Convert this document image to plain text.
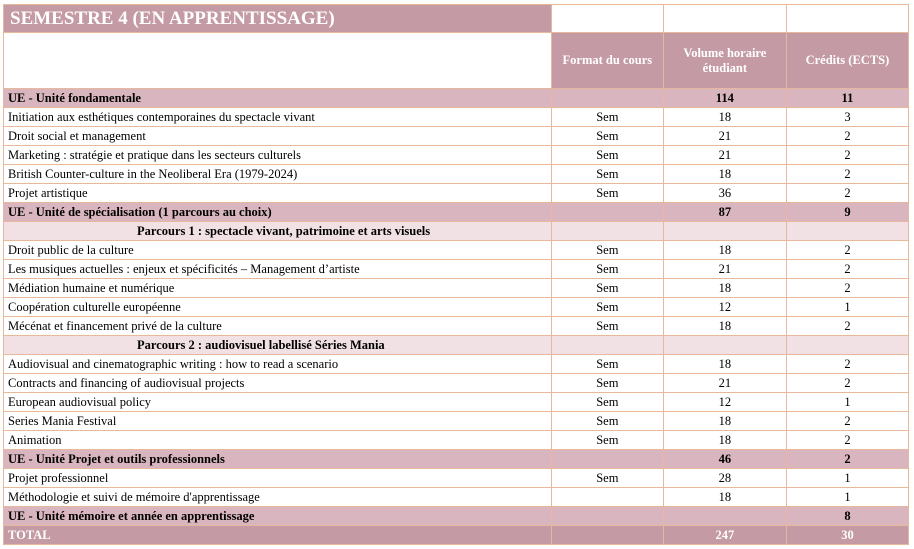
SEMESTRE 4 (EN APPRENTISSAGE)			
	Format du cours	Volume horaire étudiant	Crédits (ECTS)
UE - Unité fondamentale		114	11
Initiation aux esthétiques contemporaines du spectacle vivant	Sem	18	3
Droit social et management	Sem	21	2
Marketing : stratégie et pratique dans les secteurs culturels	Sem	21	2
British Counter-culture in the Neoliberal Era (1979-2024)	Sem	18	2
Projet artistique	Sem	36	2
UE - Unité de spécialisation (1 parcours au choix)		87	9
Parcours 1 : spectacle vivant, patrimoine et arts visuels			
Droit public de la culture	Sem	18	2
Les musiques actuelles : enjeux et spécificités – Management d’artiste	Sem	21	2
Médiation humaine et numérique	Sem	18	2
Coopération culturelle européenne	Sem	12	1
Mécénat et financement privé de la culture	Sem	18	2
Parcours 2 : audiovisuel labellisé Séries Mania			
Audiovisual and cinematographic writing : how to read a scenario	Sem	18	2
Contracts and financing of audiovisual projects	Sem	21	2
European audiovisual policy	Sem	12	1
Series Mania Festival	Sem	18	2
Animation	Sem	18	2
UE - Unité Projet et outils professionnels		46	2
Projet professionnel	Sem	28	1
Méthodologie et suivi de mémoire d'apprentissage		18	1
UE - Unité mémoire et année en apprentissage			8
TOTAL		247	30
